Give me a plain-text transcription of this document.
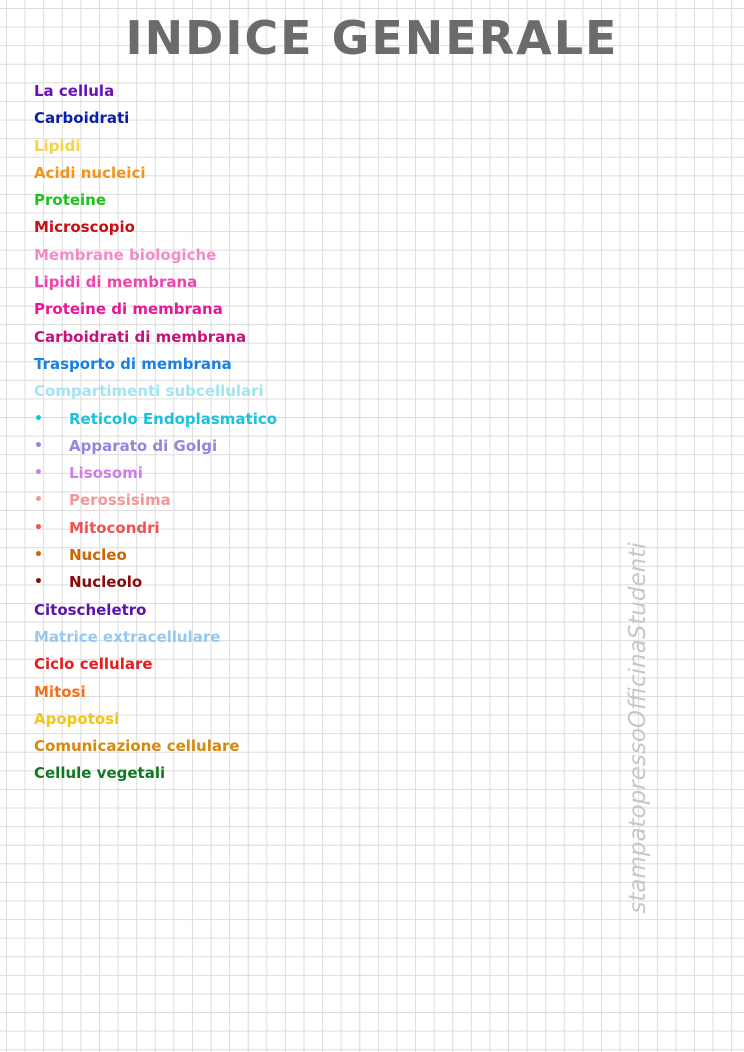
INDICE GENERALE
La cellula
Carboidrati
Lipidi
Acidi nucleici
Proteine
Microscopio
Membrane biologiche
Lipidi di membrana
Proteine di membrana
Carboidrati di membrana
Trasporto di membrana
Compartimenti subcellulari
•	Reticolo Endoplasmatico
•	Apparato di Golgi
•	Lisosomi
•	Perossisima
•	Mitocondri
•	Nucleo
•	Nucleolo
Citoscheletro
Matrice extracellulare
Ciclo cellulare
Mitosi
Apopotosi
Comunicazione cellulare
Cellule vegetali	stampatopressoOfficinaStudenti
